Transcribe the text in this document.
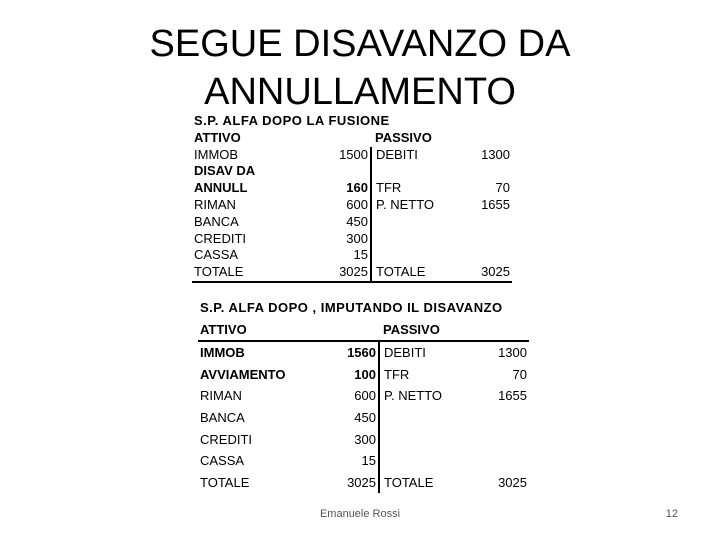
SEGUE DISAVANZO DA ANNULLAMENTO
S.P. ALFA DOPO LA FUSIONE			
ATTIVO		PASSIVO	
IMMOB	1500	DEBITI	1300
DISAV DA			
ANNULL	160	TFR	70
RIMAN	600	P. NETTO	1655
BANCA	450		
CREDITI	300		
CASSA	15		
TOTALE	3025	TOTALE	3025
S.P. ALFA DOPO , IMPUTANDO IL DISAVANZO			
ATTIVO		PASSIVO	
IMMOB	1560	DEBITI	1300
AVVIAMENTO	100	TFR	70
RIMAN	600	P. NETTO	1655
BANCA	450		
CREDITI	300		
CASSA	15		
TOTALE	3025	TOTALE	3025
Emanuele Rossi	12
